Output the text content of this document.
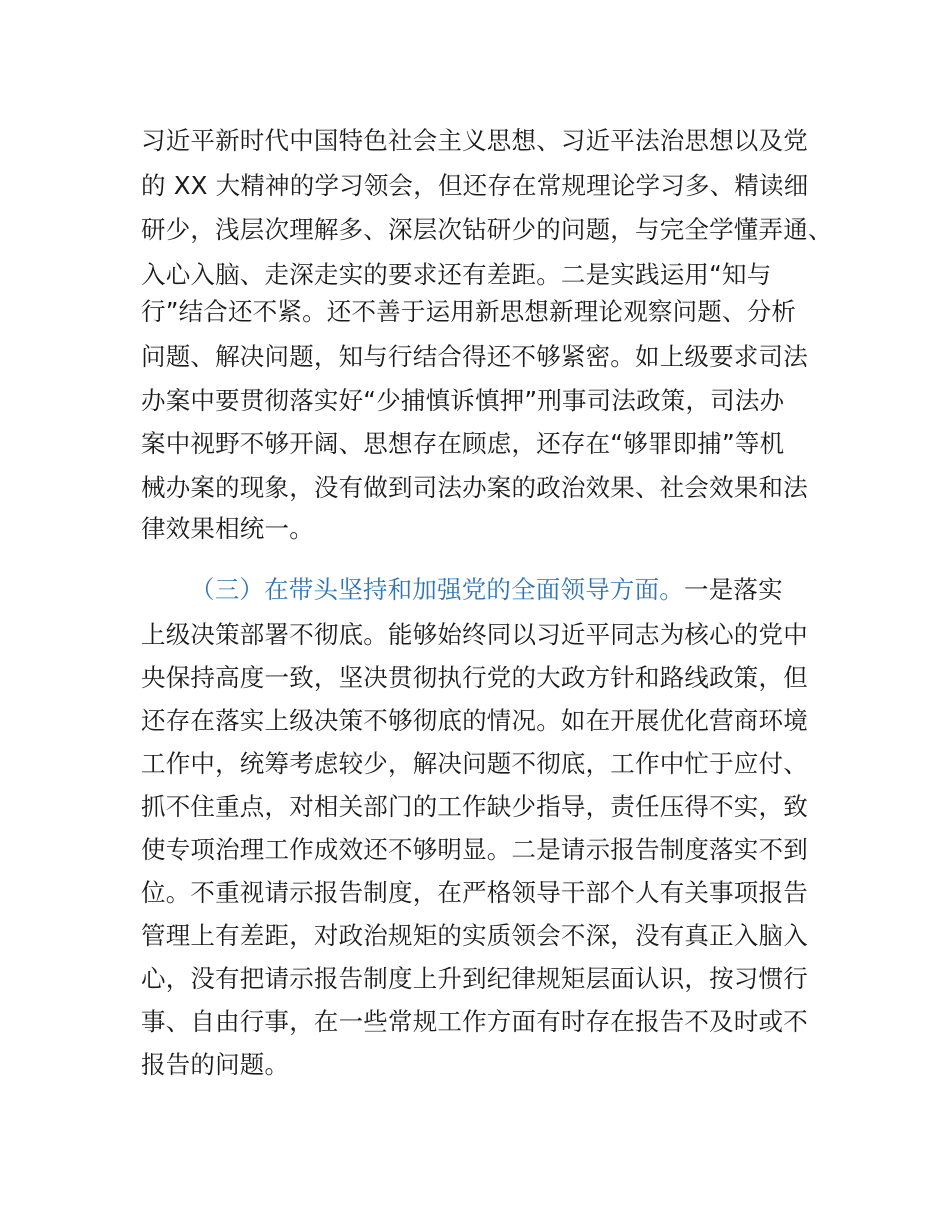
习近平新时代中国特色社会主义思想、习近平法治思想以及党
的 XX 大精神的学习领会，但还存在常规理论学习多、精读细
研少，浅层次理解多、深层次钻研少的问题，与完全学懂弄通、
入心入脑、走深走实的要求还有差距。二是实践运用“知与
行”结合还不紧。还不善于运用新思想新理论观察问题、分析
问题、解决问题，知与行结合得还不够紧密。如上级要求司法
办案中要贯彻落实好“少捕慎诉慎押”刑事司法政策，司法办
案中视野不够开阔、思想存在顾虑，还存在“够罪即捕”等机
械办案的现象，没有做到司法办案的政治效果、社会效果和法
律效果相统一。
（三）在带头坚持和加强党的全面领导方面。一是落实
上级决策部署不彻底。能够始终同以习近平同志为核心的党中
央保持高度一致，坚决贯彻执行党的大政方针和路线政策，但
还存在落实上级决策不够彻底的情况。如在开展优化营商环境
工作中，统筹考虑较少，解决问题不彻底，工作中忙于应付、
抓不住重点，对相关部门的工作缺少指导，责任压得不实，致
使专项治理工作成效还不够明显。二是请示报告制度落实不到
位。不重视请示报告制度，在严格领导干部个人有关事项报告
管理上有差距，对政治规矩的实质领会不深，没有真正入脑入
心，没有把请示报告制度上升到纪律规矩层面认识，按习惯行
事、自由行事，在一些常规工作方面有时存在报告不及时或不
报告的问题。
